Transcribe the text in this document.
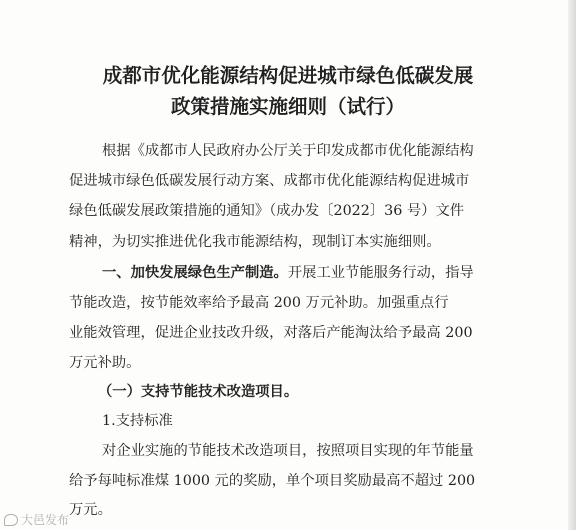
成都市优化能源结构促进城市绿色低碳发展
政策措施实施细则（试行）
根据《成都市人民政府办公厅关于印发成都市优化能源结构
促进城市绿色低碳发展行动方案、成都市优化能源结构促进城市
绿色低碳发展政策措施的通知》（成办发〔2022〕36 号）文件
精神，为切实推进优化我市能源结构，现制订本实施细则。
一、加快发展绿色生产制造。开展工业节能服务行动，指导
节能改造，按节能效率给予最高 200 万元补助。加强重点行
业能效管理，促进企业技改升级，对落后产能淘汰给予最高 200
万元补助。
（一）支持节能技术改造项目。
1.支持标准
对企业实施的节能技术改造项目，按照项目实现的年节能量
给予每吨标准煤 1000 元的奖励，单个项目奖励最高不超过 200
万元。
大邑发布
